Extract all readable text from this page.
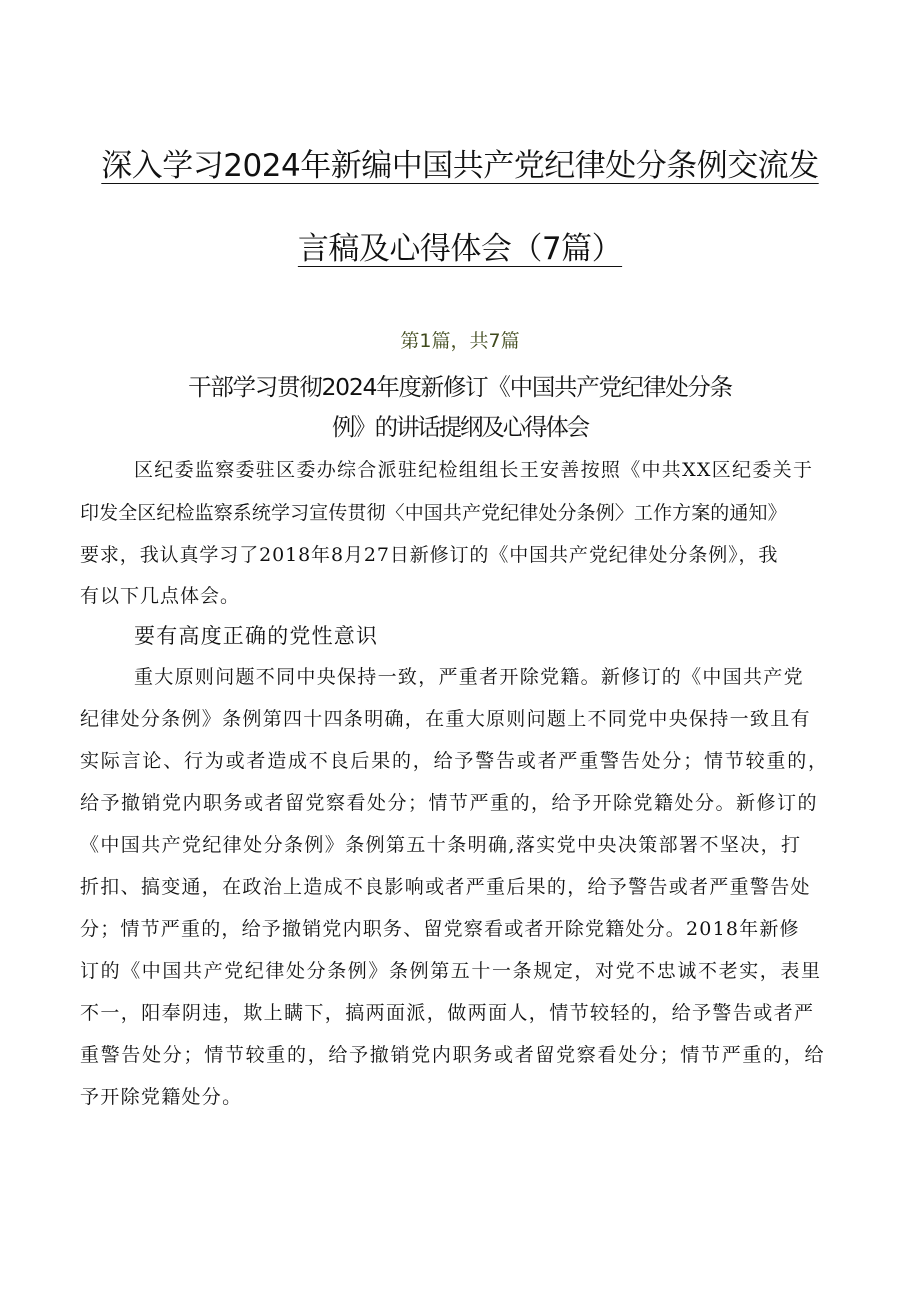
深入学习2024年新编中国共产党纪律处分条例交流发
言稿及心得体会（7篇）
第1篇，共7篇
干部学习贯彻2024年度新修订《中国共产党纪律处分条
例》的讲话提纲及心得体会
区纪委监察委驻区委办综合派驻纪检组组长王安善按照《中共XX区纪委关于
印发全区纪检监察系统学习宣传贯彻〈中国共产党纪律处分条例〉工作方案的通知》
要求，我认真学习了2018年8月27日新修订的《中国共产党纪律处分条例》，我
有以下几点体会。
要有高度正确的党性意识
重大原则问题不同中央保持一致，严重者开除党籍。新修订的《中国共产党
纪律处分条例》条例第四十四条明确，在重大原则问题上不同党中央保持一致且有
实际言论、行为或者造成不良后果的，给予警告或者严重警告处分；情节较重的，
给予撤销党内职务或者留党察看处分；情节严重的，给予开除党籍处分。新修订的
《中国共产党纪律处分条例》条例第五十条明确,落实党中央决策部署不坚决，打
折扣、搞变通，在政治上造成不良影响或者严重后果的，给予警告或者严重警告处
分；情节严重的，给予撤销党内职务、留党察看或者开除党籍处分。2018年新修
订的《中国共产党纪律处分条例》条例第五十一条规定，对党不忠诚不老实，表里
不一，阳奉阴违，欺上瞒下，搞两面派，做两面人，情节较轻的，给予警告或者严
重警告处分；情节较重的，给予撤销党内职务或者留党察看处分；情节严重的，给
予开除党籍处分。
